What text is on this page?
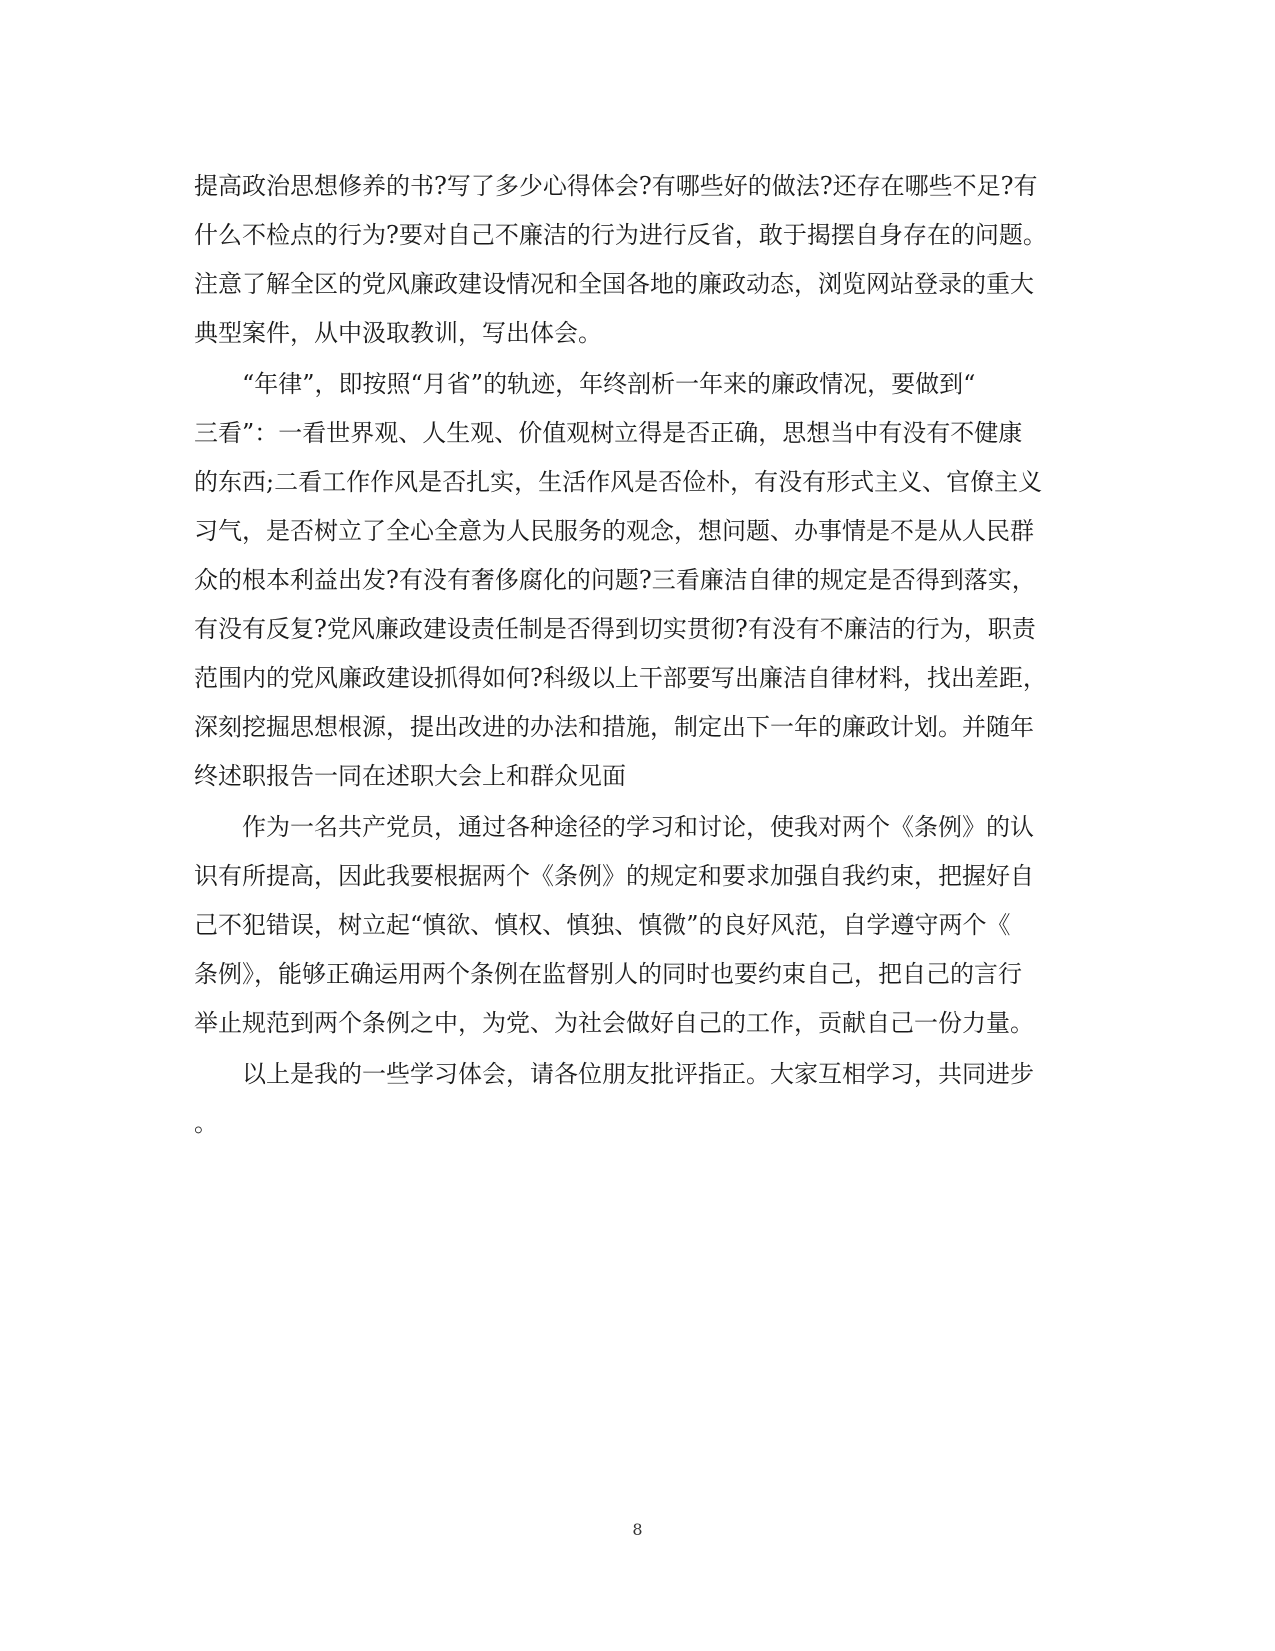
提高政治思想修养的书?写了多少心得体会?有哪些好的做法?还存在哪些不足?有
什么不检点的行为?要对自己不廉洁的行为进行反省，敢于揭摆自身存在的问题。
注意了解全区的党风廉政建设情况和全国各地的廉政动态，浏览网站登录的重大
典型案件，从中汲取教训，写出体会。
　　“年律”，即按照“月省”的轨迹，年终剖析一年来的廉政情况，要做到“
三看”：一看世界观、人生观、价值观树立得是否正确，思想当中有没有不健康
的东西;二看工作作风是否扎实，生活作风是否俭朴，有没有形式主义、官僚主义
习气，是否树立了全心全意为人民服务的观念，想问题、办事情是不是从人民群
众的根本利益出发?有没有奢侈腐化的问题?三看廉洁自律的规定是否得到落实，
有没有反复?党风廉政建设责任制是否得到切实贯彻?有没有不廉洁的行为，职责
范围内的党风廉政建设抓得如何?科级以上干部要写出廉洁自律材料，找出差距，
深刻挖掘思想根源，提出改进的办法和措施，制定出下一年的廉政计划。并随年
终述职报告一同在述职大会上和群众见面
　　作为一名共产党员，通过各种途径的学习和讨论，使我对两个《条例》的认
识有所提高，因此我要根据两个《条例》的规定和要求加强自我约束，把握好自
己不犯错误，树立起“慎欲、慎权、慎独、慎微”的良好风范，自学遵守两个《
条例》，能够正确运用两个条例在监督别人的同时也要约束自己，把自己的言行
举止规范到两个条例之中，为党、为社会做好自己的工作，贡献自己一份力量。
　　以上是我的一些学习体会，请各位朋友批评指正。大家互相学习，共同进步
。
8
